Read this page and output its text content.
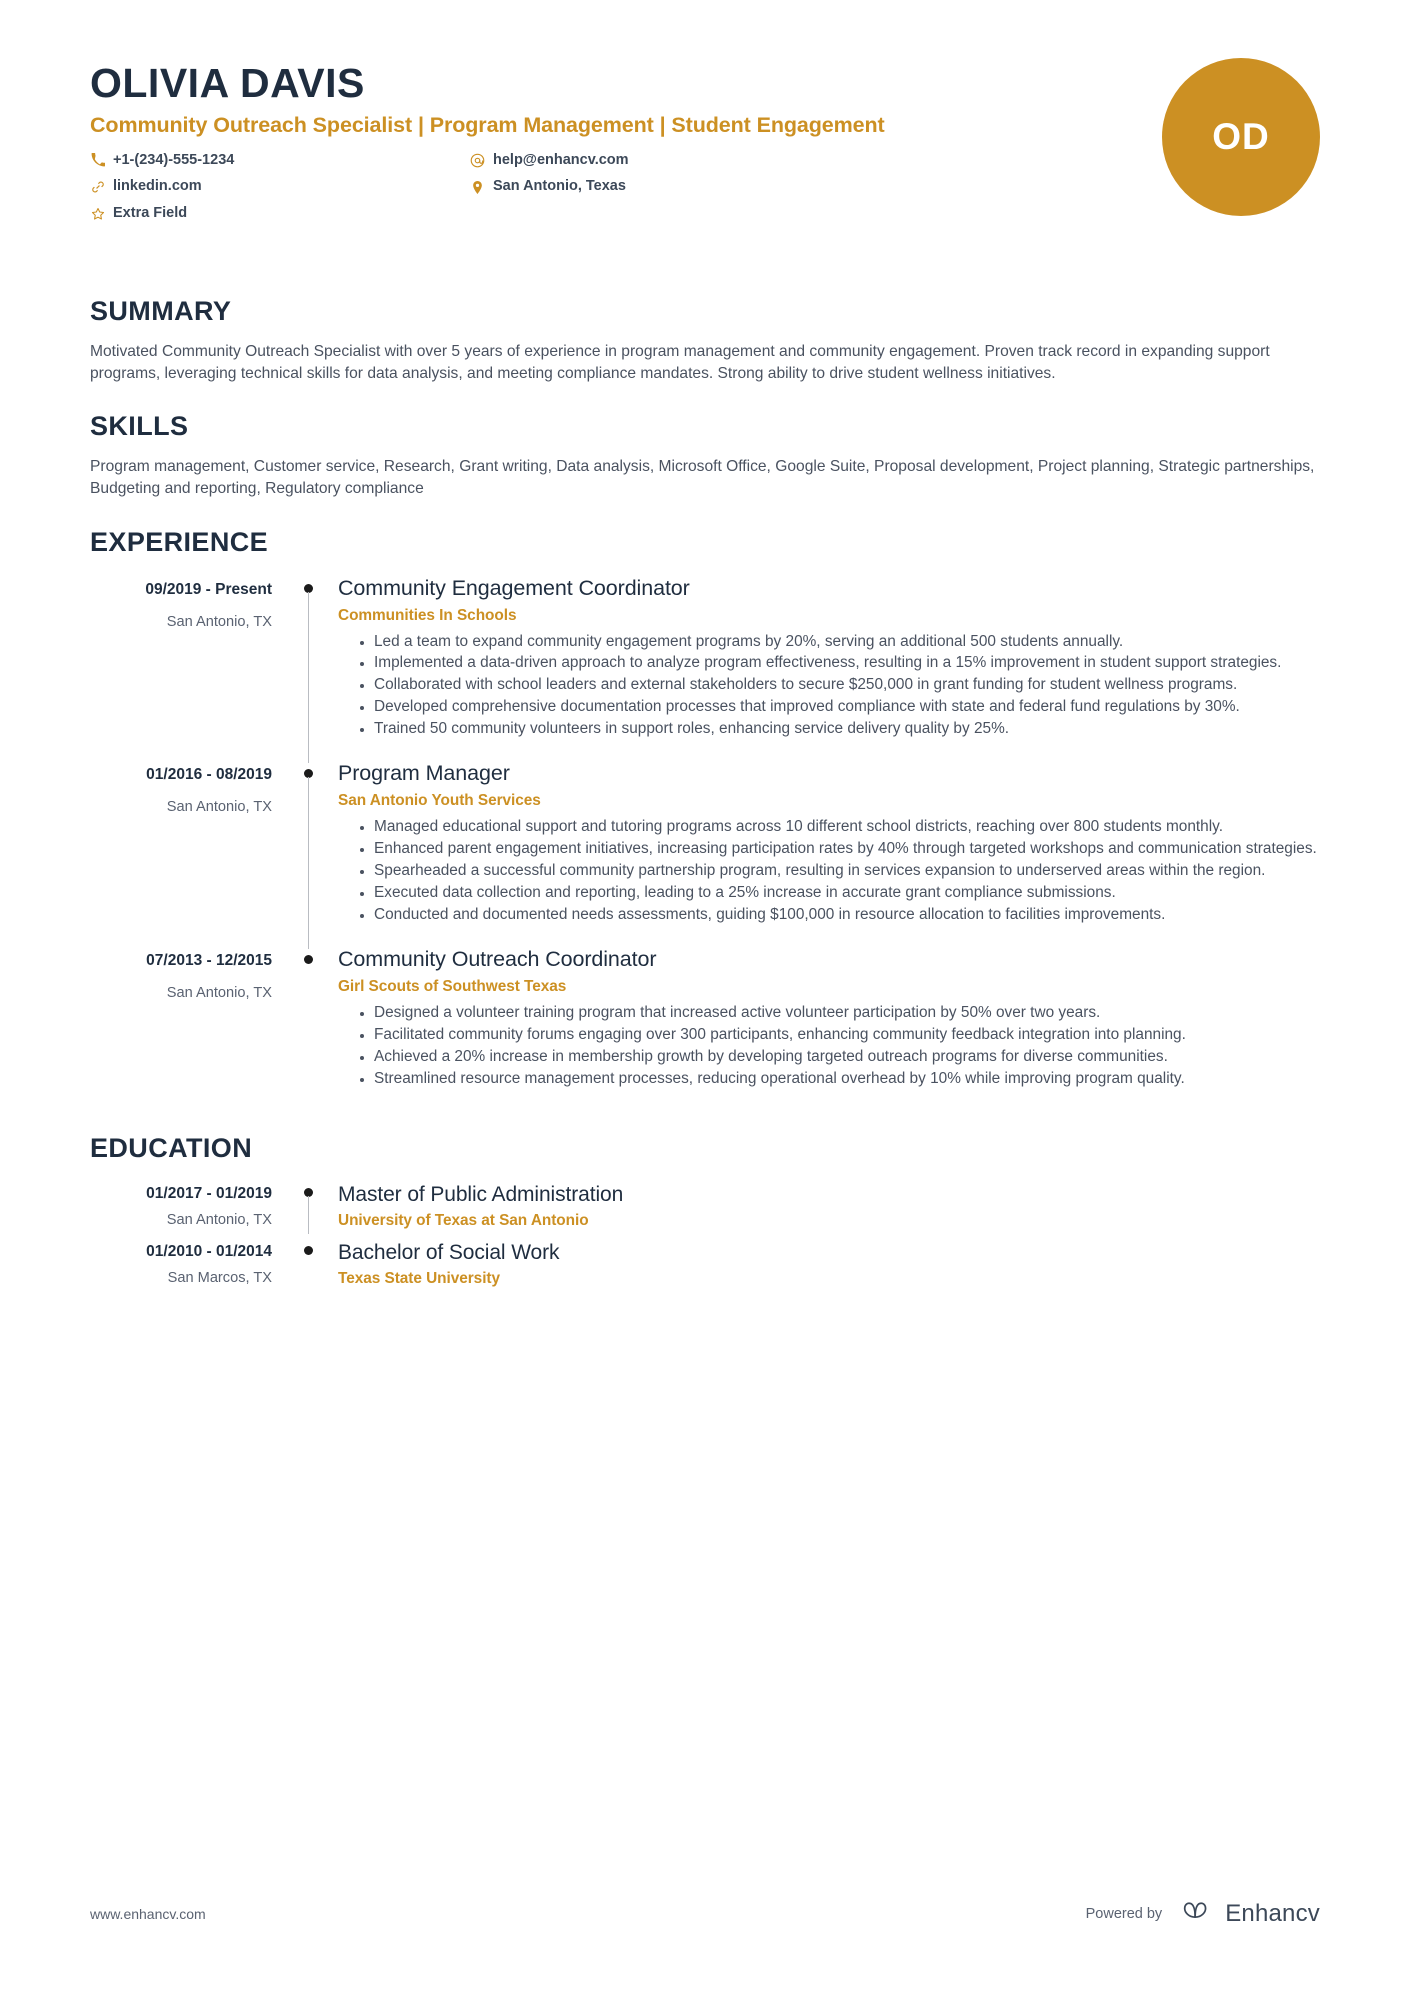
OLIVIA DAVIS
Community Outreach Specialist | Program Management | Student Engagement
+1-(234)-555-1234	help@enhancv.com
linkedin.com	San Antonio, Texas
Extra Field
OD
SUMMARY
Motivated Community Outreach Specialist with over 5 years of experience in program management and community engagement. Proven track record in expanding support programs, leveraging technical skills for data analysis, and meeting compliance mandates. Strong ability to drive student wellness initiatives.
SKILLS
Program management, Customer service, Research, Grant writing, Data analysis, Microsoft Office, Google Suite, Proposal development, Project planning, Strategic partnerships, Budgeting and reporting, Regulatory compliance
EXPERIENCE
09/2019 - Present
San Antonio, TX
Community Engagement Coordinator
Communities In Schools
Led a team to expand community engagement programs by 20%, serving an additional 500 students annually.
Implemented a data-driven approach to analyze program effectiveness, resulting in a 15% improvement in student support strategies.
Collaborated with school leaders and external stakeholders to secure $250,000 in grant funding for student wellness programs.
Developed comprehensive documentation processes that improved compliance with state and federal fund regulations by 30%.
Trained 50 community volunteers in support roles, enhancing service delivery quality by 25%.
01/2016 - 08/2019
San Antonio, TX
Program Manager
San Antonio Youth Services
Managed educational support and tutoring programs across 10 different school districts, reaching over 800 students monthly.
Enhanced parent engagement initiatives, increasing participation rates by 40% through targeted workshops and communication strategies.
Spearheaded a successful community partnership program, resulting in services expansion to underserved areas within the region.
Executed data collection and reporting, leading to a 25% increase in accurate grant compliance submissions.
Conducted and documented needs assessments, guiding $100,000 in resource allocation to facilities improvements.
07/2013 - 12/2015
San Antonio, TX
Community Outreach Coordinator
Girl Scouts of Southwest Texas
Designed a volunteer training program that increased active volunteer participation by 50% over two years.
Facilitated community forums engaging over 300 participants, enhancing community feedback integration into planning.
Achieved a 20% increase in membership growth by developing targeted outreach programs for diverse communities.
Streamlined resource management processes, reducing operational overhead by 10% while improving program quality.
EDUCATION
01/2017 - 01/2019
San Antonio, TX
Master of Public Administration
University of Texas at San Antonio
01/2010 - 01/2014
San Marcos, TX
Bachelor of Social Work
Texas State University
www.enhancv.com	Powered by	Enhancv
